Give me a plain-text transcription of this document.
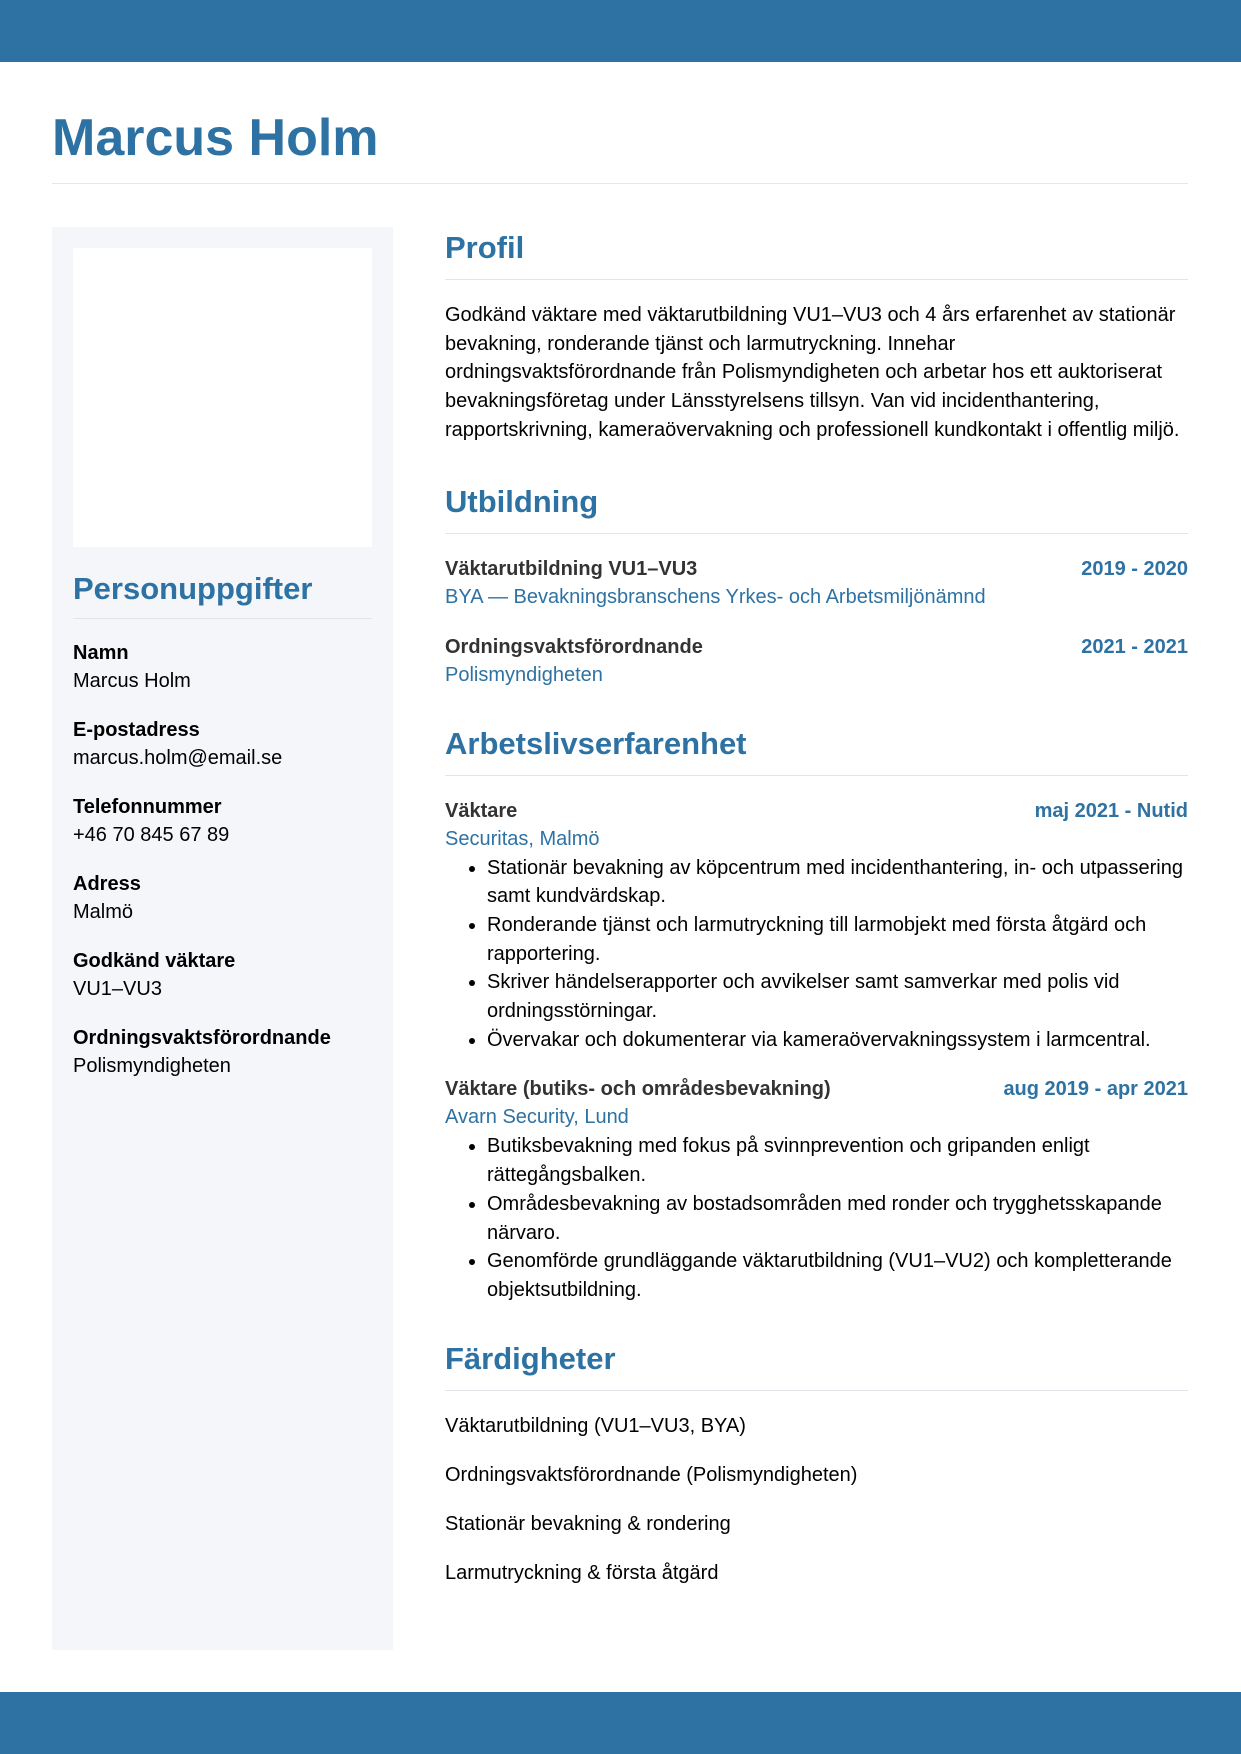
Marcus Holm
Personuppgifter
Namn
Marcus Holm
E-postadress
marcus.holm@email.se
Telefonnummer
+46 70 845 67 89
Adress
Malmö
Godkänd väktare
VU1–VU3
Ordningsvaktsförordnande
Polismyndigheten
Profil

Godkänd väktare med väktarutbildning VU1–VU3 och 4 års erfarenhet av stationär bevakning, ronderande tjänst och larmutryckning. Innehar ordningsvaktsförordnande från Polismyndigheten och arbetar hos ett auktoriserat bevakningsföretag under Länsstyrelsens tillsyn. Van vid incidenthantering, rapportskrivning, kameraövervakning och professionell kundkontakt i offentlig miljö.

Utbildning
Väktarutbildning VU1–VU3	2019 - 2020
BYA — Bevakningsbranschens Yrkes- och Arbetsmiljönämnd
Ordningsvaktsförordnande	2021 - 2021
Polismyndigheten
Arbetslivserfarenhet
Väktare	maj 2021 - Nutid
Securitas, Malmö
• Stationär bevakning av köpcentrum med incidenthantering, in- och utpassering samt kundvärdskap.
• Ronderande tjänst och larmutryckning till larmobjekt med första åtgärd och rapportering.
• Skriver händelserapporter och avvikelser samt samverkar med polis vid ordningsstörningar.
• Övervakar och dokumenterar via kameraövervakningssystem i larmcentral.
Väktare (butiks- och områdesbevakning)	aug 2019 - apr 2021
Avarn Security, Lund
• Butiksbevakning med fokus på svinnprevention och gripanden enligt rättegångsbalken.
• Områdesbevakning av bostadsområden med ronder och trygghetsskapande närvaro.
• Genomförde grundläggande väktarutbildning (VU1–VU2) och kompletterande objektsutbildning.
Färdigheter
Väktarutbildning (VU1–VU3, BYA)
Ordningsvaktsförordnande (Polismyndigheten)
Stationär bevakning & rondering
Larmutryckning & första åtgärd
